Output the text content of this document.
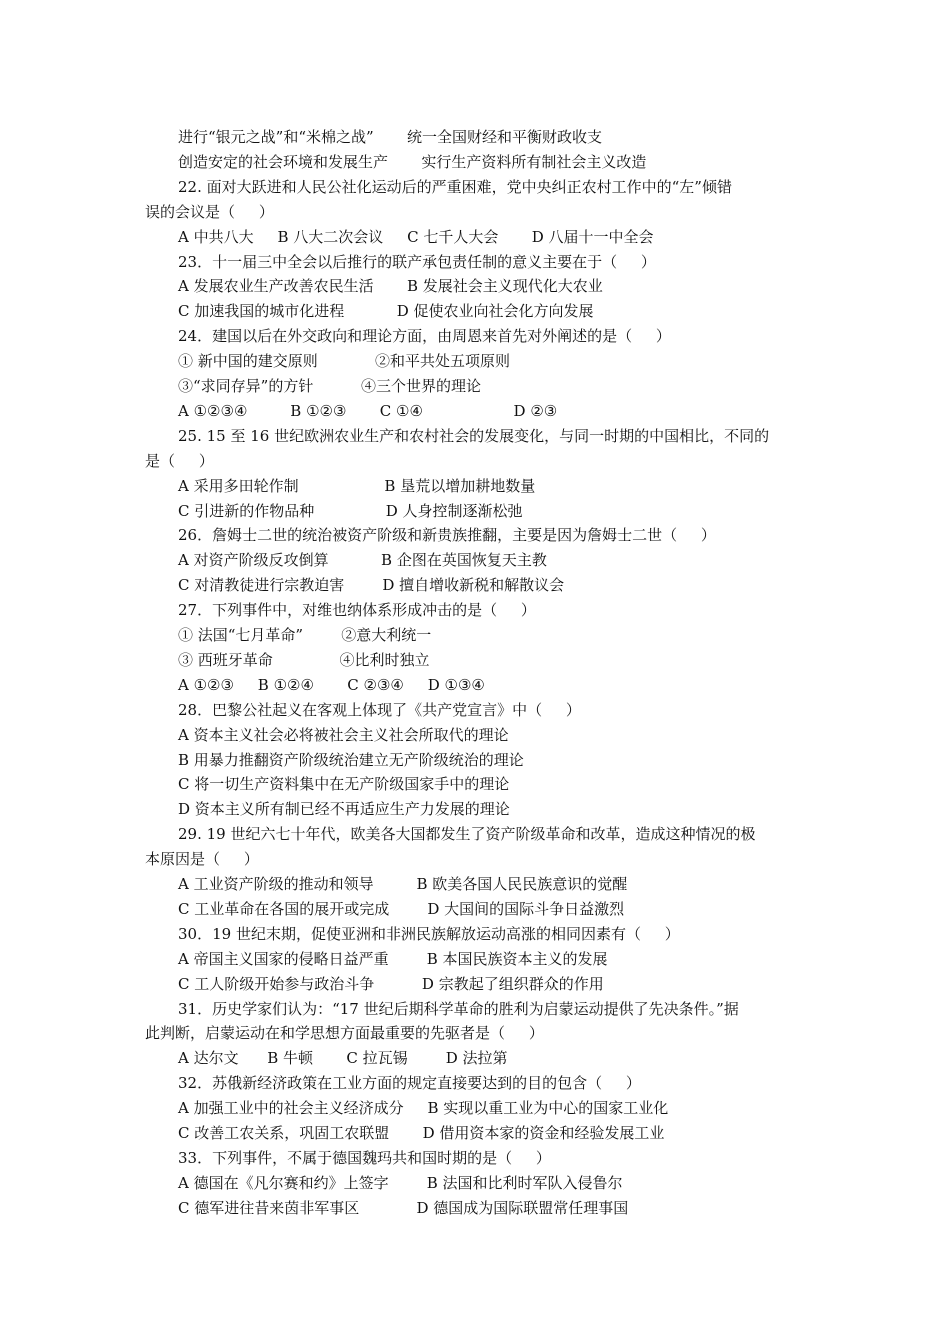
进行“银元之战”和“米棉之战”       统一全国财经和平衡财政收支
创造安定的社会环境和发展生产       实行生产资料所有制社会主义改造
22. 面对大跃进和人民公社化运动后的严重困难，党中央纠正农村工作中的“左”倾错
误的会议是（     ）
A 中共八大     B 八大二次会议     C 七千人大会       D 八届十一中全会
23．十一届三中全会以后推行的联产承包责任制的意义主要在于（     ）
A 发展农业生产改善农民生活       B 发展社会主义现代化大农业
C 加速我国的城市化进程           D 促使农业向社会化方向发展
24．建国以后在外交政向和理论方面，由周恩来首先对外阐述的是（     ）
① 新中国的建交原则            ②和平共处五项原则
③“求同存异”的方针          ④三个世界的理论
A ①②③④         B ①②③       C ①④                   D ②③
25. 15 至 16 世纪欧洲农业生产和农村社会的发展变化，与同一时期的中国相比，不同的
是（     ）
A 采用多田轮作制                  B 垦荒以增加耕地数量
C 引进新的作物品种               D 人身控制逐渐松弛
26．詹姆士二世的统治被资产阶级和新贵族推翻，主要是因为詹姆士二世（     ）
A 对资产阶级反攻倒算           B 企图在英国恢复天主教
C 对清教徒进行宗教迫害        D 擅自增收新税和解散议会
27．下列事件中，对维也纳体系形成冲击的是（     ）
① 法国“七月革命”        ②意大利统一
③ 西班牙革命              ④比利时独立
A ①②③     B ①②④       C ②③④     D ①③④
28．巴黎公社起义在客观上体现了《共产党宣言》中（     ）
A 资本主义社会必将被社会主义社会所取代的理论
B 用暴力推翻资产阶级统治建立无产阶级统治的理论
C 将一切生产资料集中在无产阶级国家手中的理论
D 资本主义所有制已经不再适应生产力发展的理论
29. 19 世纪六七十年代，欧美各大国都发生了资产阶级革命和改革，造成这种情况的极
本原因是（     ）
A 工业资产阶级的推动和领导         B 欧美各国人民民族意识的觉醒
C 工业革命在各国的展开或完成        D 大国间的国际斗争日益激烈
30．19 世纪末期，促使亚洲和非洲民族解放运动高涨的相同因素有（     ）
A 帝国主义国家的侵略日益严重        B 本国民族资本主义的发展
C 工人阶级开始参与政治斗争          D 宗教起了组织群众的作用
31．历史学家们认为：“17 世纪后期科学革命的胜利为启蒙运动提供了先决条件。”据
此判断，启蒙运动在和学思想方面最重要的先驱者是（     ）
A 达尔文      B 牛顿       C 拉瓦锡        D 法拉第
32．苏俄新经济政策在工业方面的规定直接要达到的目的包含（     ）
A 加强工业中的社会主义经济成分     B 实现以重工业为中心的国家工业化
C 改善工农关系，巩固工农联盟       D 借用资本家的资金和经验发展工业
33．下列事件，不属于德国魏玛共和国时期的是（     ）
A 德国在《凡尔赛和约》上签字        B 法国和比利时军队入侵鲁尔
C 德军进往昔来茵非军事区            D 德国成为国际联盟常任理事国
